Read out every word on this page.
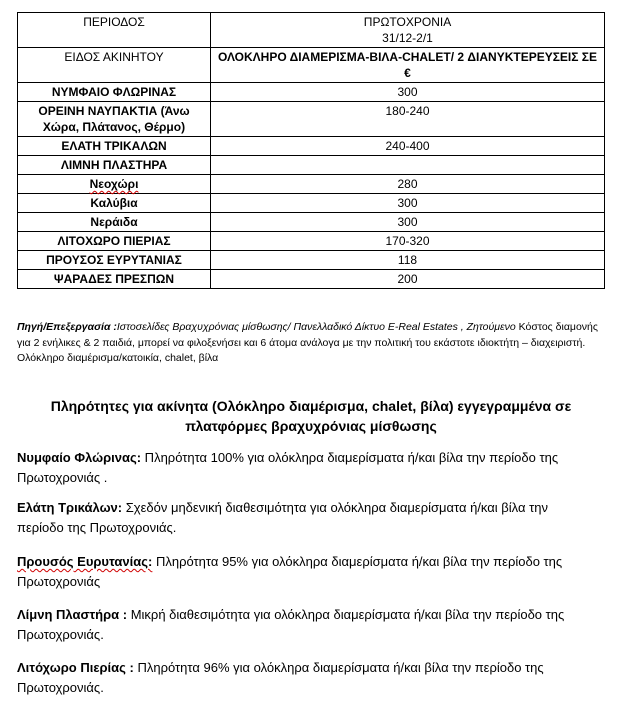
ΠΕΡΙΟΔΟΣ	ΠΡΩΤΟΧΡΟΝΙΑ
31/12-2/1
ΕΙΔΟΣ ΑΚΙΝΗΤΟΥ	ΟΛΟΚΛΗΡΟ ΔΙΑΜΕΡΙΣΜΑ-ΒΙΛΑ-CHALET/ 2 ΔΙΑΝΥΚΤΕΡΕΥΣΕΙΣ ΣΕ €
ΝΥΜΦΑΙΟ ΦΛΩΡΙΝΑΣ	300
ΟΡΕΙΝΗ ΝΑΥΠΑΚΤΙΑ (Άνω Χώρα, Πλάτανος, Θέρμο)	180-240
ΕΛΑΤΗ ΤΡΙΚΑΛΩΝ	240-400
ΛΙΜΝΗ ΠΛΑΣΤΗΡΑ	
Νεοχώρι	280
Καλύβια	300
Νεράιδα	300
ΛΙΤΟΧΩΡΟ ΠΙΕΡΙΑΣ	170-320
ΠΡΟΥΣΟΣ ΕΥΡΥΤΑΝΙΑΣ	118
ΨΑΡΑΔΕΣ ΠΡΕΣΠΩΝ	200
Πηγή/Επεξεργασία :Ιστοσελίδες Βραχυχρόνιας μίσθωσης/ Πανελλαδικό Δίκτυο E-Real Estates , Ζητούμενο Κόστος διαμονής για 2 ενήλικες & 2 παιδιά, μπορεί να φιλοξενήσει και 6 άτομα ανάλογα με την πολιτική του εκάστοτε ιδιοκτήτη – διαχειριστή. Ολόκληρο διαμέρισμα/κατοικία, chalet, βίλα
Πληρότητες για ακίνητα (Ολόκληρο διαμέρισμα, chalet, βίλα) εγγεγραμμένα σε πλατφόρμες βραχυχρόνιας μίσθωσης

Νυμφαίο Φλώρινας: Πληρότητα 100% για ολόκληρα διαμερίσματα ή/και βίλα την περίοδο της Πρωτοχρονιάς .

Ελάτη Τρικάλων: Σχεδόν μηδενική διαθεσιμότητα για ολόκληρα διαμερίσματα ή/και βίλα την περίοδο της Πρωτοχρονιάς.

Προυσός Ευρυτανίας: Πληρότητα 95% για ολόκληρα διαμερίσματα ή/και βίλα την περίοδο της Πρωτοχρονιάς

Λίμνη Πλαστήρα : Μικρή διαθεσιμότητα για ολόκληρα διαμερίσματα ή/και βίλα την περίοδο της Πρωτοχρονιάς.

Λιτόχωρο Πιερίας : Πληρότητα 96% για ολόκληρα διαμερίσματα ή/και βίλα την περίοδο της Πρωτοχρονιάς.
